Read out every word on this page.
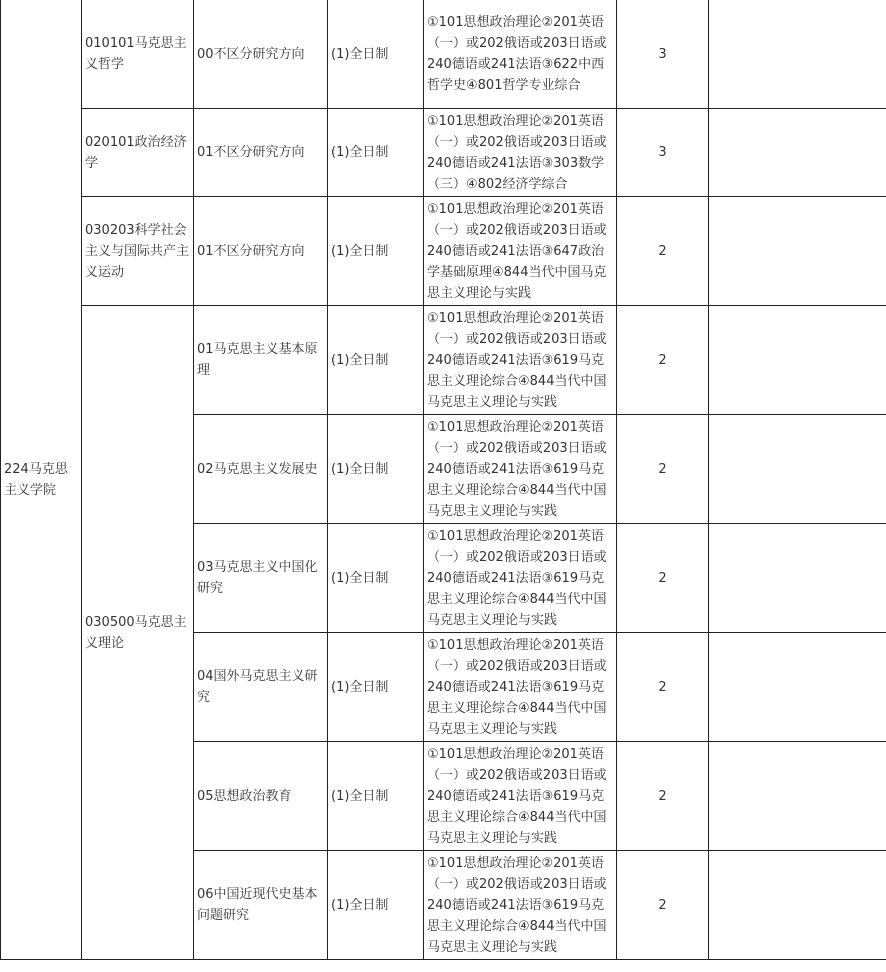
224马克思主义学院	010101马克思主义哲学	00不区分研究方向	(1)全日制	①101思想政治理论②201英语（一）或202俄语或203日语或240德语或241法语③622中西哲学史④801哲学专业综合	3	
	020101政治经济学	01不区分研究方向	(1)全日制	①101思想政治理论②201英语（一）或202俄语或203日语或240德语或241法语③303数学（三）④802经济学综合	3	
	030203科学社会主义与国际共产主义运动	01不区分研究方向	(1)全日制	①101思想政治理论②201英语（一）或202俄语或203日语或240德语或241法语③647政治学基础原理④844当代中国马克思主义理论与实践	2	
	030500马克思主义理论	01马克思主义基本原理	(1)全日制	①101思想政治理论②201英语（一）或202俄语或203日语或240德语或241法语③619马克思主义理论综合④844当代中国马克思主义理论与实践	2	
		02马克思主义发展史	(1)全日制	①101思想政治理论②201英语（一）或202俄语或203日语或240德语或241法语③619马克思主义理论综合④844当代中国马克思主义理论与实践	2	
		03马克思主义中国化研究	(1)全日制	①101思想政治理论②201英语（一）或202俄语或203日语或240德语或241法语③619马克思主义理论综合④844当代中国马克思主义理论与实践	2	
		04国外马克思主义研究	(1)全日制	①101思想政治理论②201英语（一）或202俄语或203日语或240德语或241法语③619马克思主义理论综合④844当代中国马克思主义理论与实践	2	
		05思想政治教育	(1)全日制	①101思想政治理论②201英语（一）或202俄语或203日语或240德语或241法语③619马克思主义理论综合④844当代中国马克思主义理论与实践	2	
		06中国近现代史基本问题研究	(1)全日制	①101思想政治理论②201英语（一）或202俄语或203日语或240德语或241法语③619马克思主义理论综合④844当代中国马克思主义理论与实践	2	
